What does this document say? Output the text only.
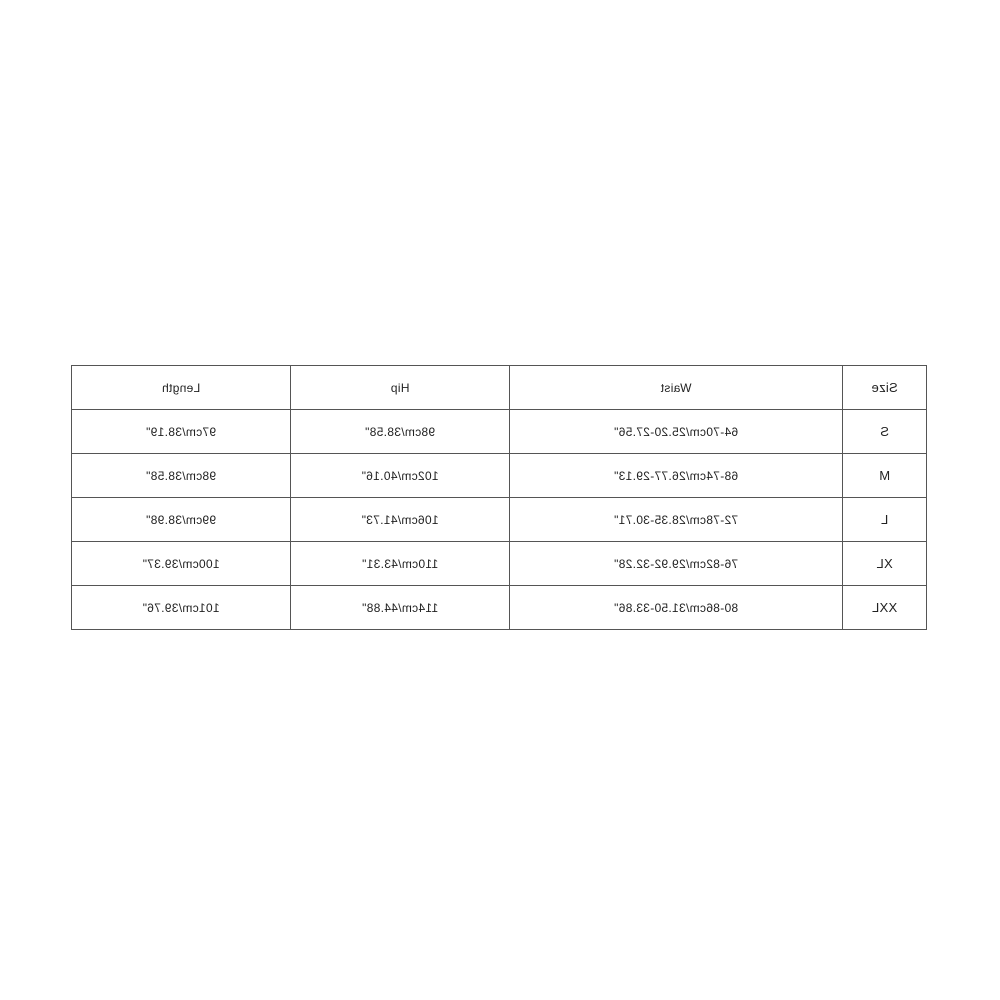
Size	Waist	Hip	Length
S	64-70cm/25.20-27.56"	98cm/38.58"	97cm/38.19"
M	68-74cm/26.77-29.13"	102cm/40.16"	98cm/38.58"
L	72-78cm/28.35-30.71"	106cm/41.73"	99cm/38.98"
XL	76-82cm/29.92-32.28"	110cm/43.31"	100cm/39.37"
XXL	80-86cm/31.50-33.86"	114cm/44.88"	101cm/39.76"
